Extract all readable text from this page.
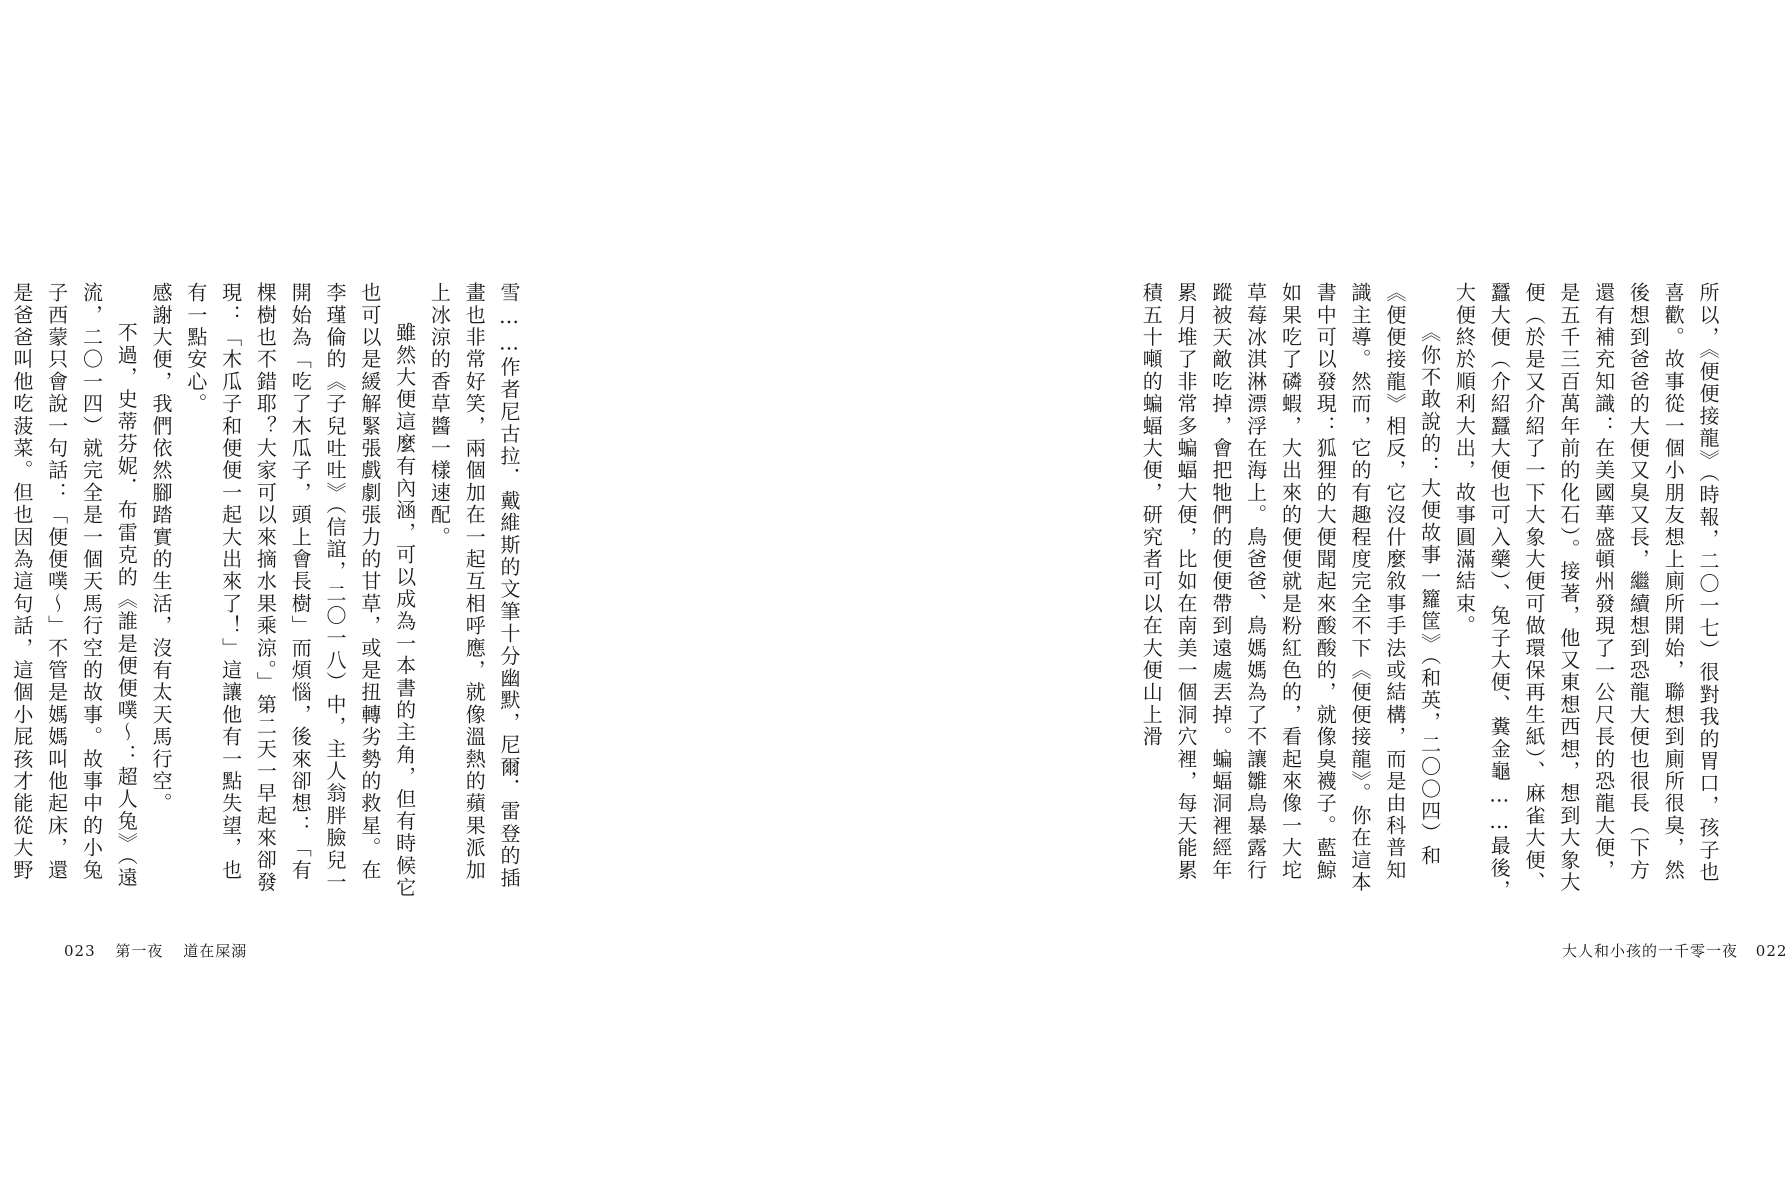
雪……作者尼古拉．戴維斯的文筆十分幽默，尼爾．雷登的插畫也非常好笑，兩個加在一起互相呼應，就像溫熱的蘋果派加上冰涼的香草醬一樣速配。

雖然大便這麼有內涵，可以成為一本書的主角，但有時候它也可以是緩解緊張戲劇張力的甘草，或是扭轉劣勢的救星。在李瑾倫的《子兒吐吐》（信誼，二〇一八）中，主人翁胖臉兒一開始為「吃了木瓜子，頭上會長樹」而煩惱，後來卻想：「有棵樹也不錯耶？大家可以來摘水果乘涼。」第二天一早起來卻發現：「木瓜子和便便一起大出來了！」這讓他有一點失望，也有一點安心。

感謝大便，我們依然腳踏實的生活，沒有太天馬行空。

不過，史蒂芬妮．布雷克的《誰是便便噗～：超人兔》（遠流，二〇一四）就完全是一個天馬行空的故事。故事中的小兔子西蒙只會說一句話：「便便噗～」不管是媽媽叫他起床，還是爸爸叫他吃菠菜。但也因為這句話，這個小屁孩才能從大野

023 第一夜 道在屎溺

所以，《便便接龍》（時報，二〇一七）很對我的胃口，孩子也喜歡。故事從一個小朋友想上廁所開始，聯想到廁所很臭，然後想到爸爸的大便又臭又長，繼續想到恐龍大便也很長（下方還有補充知識：在美國華盛頓州發現了一公尺長的恐龍大便，是五千三百萬年前的化石）。接著，他又東想西想，想到大象大便（於是又介紹了一下大象大便可做環保再生紙）、麻雀大便、蠶大便（介紹蠶大便也可入藥）、兔子大便、糞金龜……最後，大便終於順利大出，故事圓滿結束。

《你不敢說的：大便故事一籮筐》（和英，二〇〇四）和《便便接龍》相反，它沒什麼敘事手法或結構，而是由科普知識主導。然而，它的有趣程度完全不下《便便接龍》。你在這本書中可以發現：狐狸的大便聞起來酸酸的，就像臭襪子。藍鯨如果吃了磷蝦，大出來的便便就是粉紅色的，看起來像一大坨草莓冰淇淋漂浮在海上。鳥爸爸、鳥媽媽為了不讓雛鳥暴露行蹤被天敵吃掉，會把牠們的便便帶到遠處丟掉。蝙蝠洞裡經年累月堆了非常多蝙蝠大便，比如在南美一個洞穴裡，每天能累積五十噸的蝙蝠大便，研究者可以在大便山上滑

大人和小孩的一千零一夜 022
